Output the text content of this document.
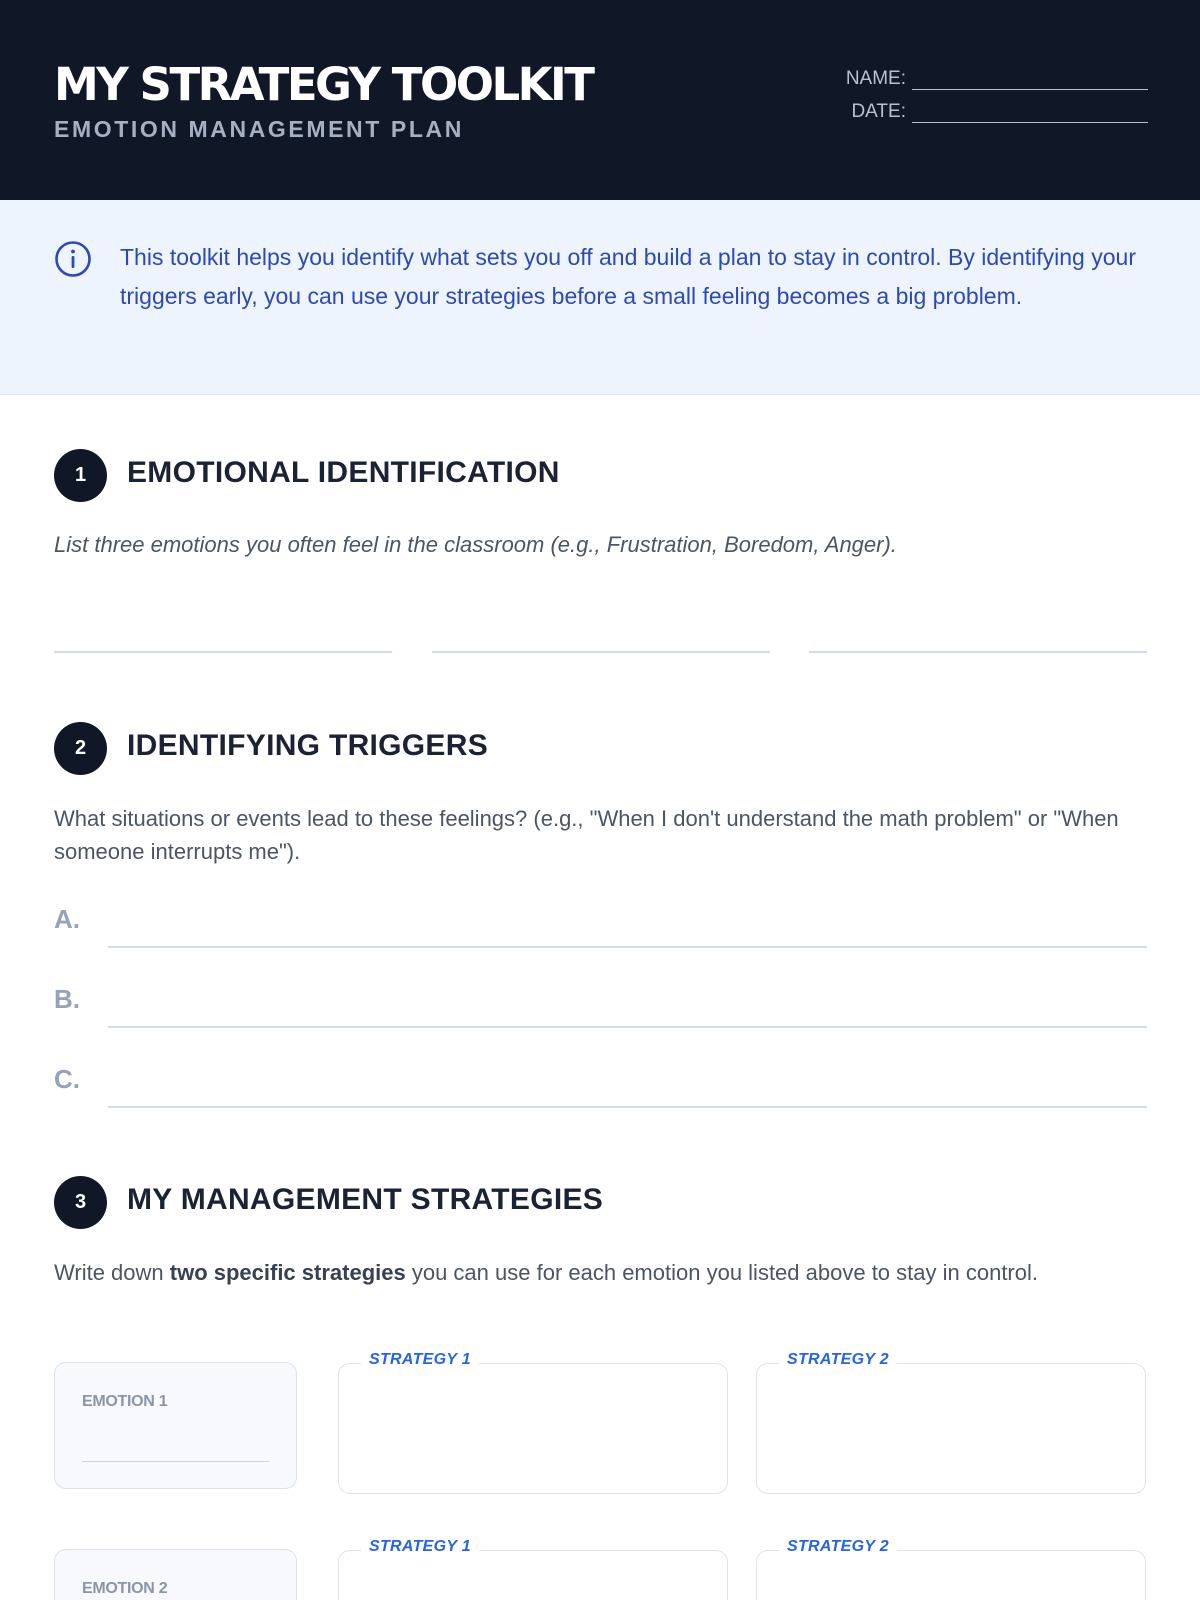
MY STRATEGY TOOLKIT
EMOTION MANAGEMENT PLAN
NAME:
DATE:
This toolkit helps you identify what sets you off and build a plan to stay in control. By identifying your triggers early, you can use your strategies before a small feeling becomes a big problem.
1	EMOTIONAL IDENTIFICATION
List three emotions you often feel in the classroom (e.g., Frustration, Boredom, Anger).
2	IDENTIFYING TRIGGERS
What situations or events lead to these feelings? (e.g., "When I don't understand the math problem" or "When someone interrupts me").
A.
B.
C.
3	MY MANAGEMENT STRATEGIES
Write down two specific strategies you can use for each emotion you listed above to stay in control.
EMOTION 1
STRATEGY 1	STRATEGY 2
EMOTION 2
STRATEGY 1	STRATEGY 2
